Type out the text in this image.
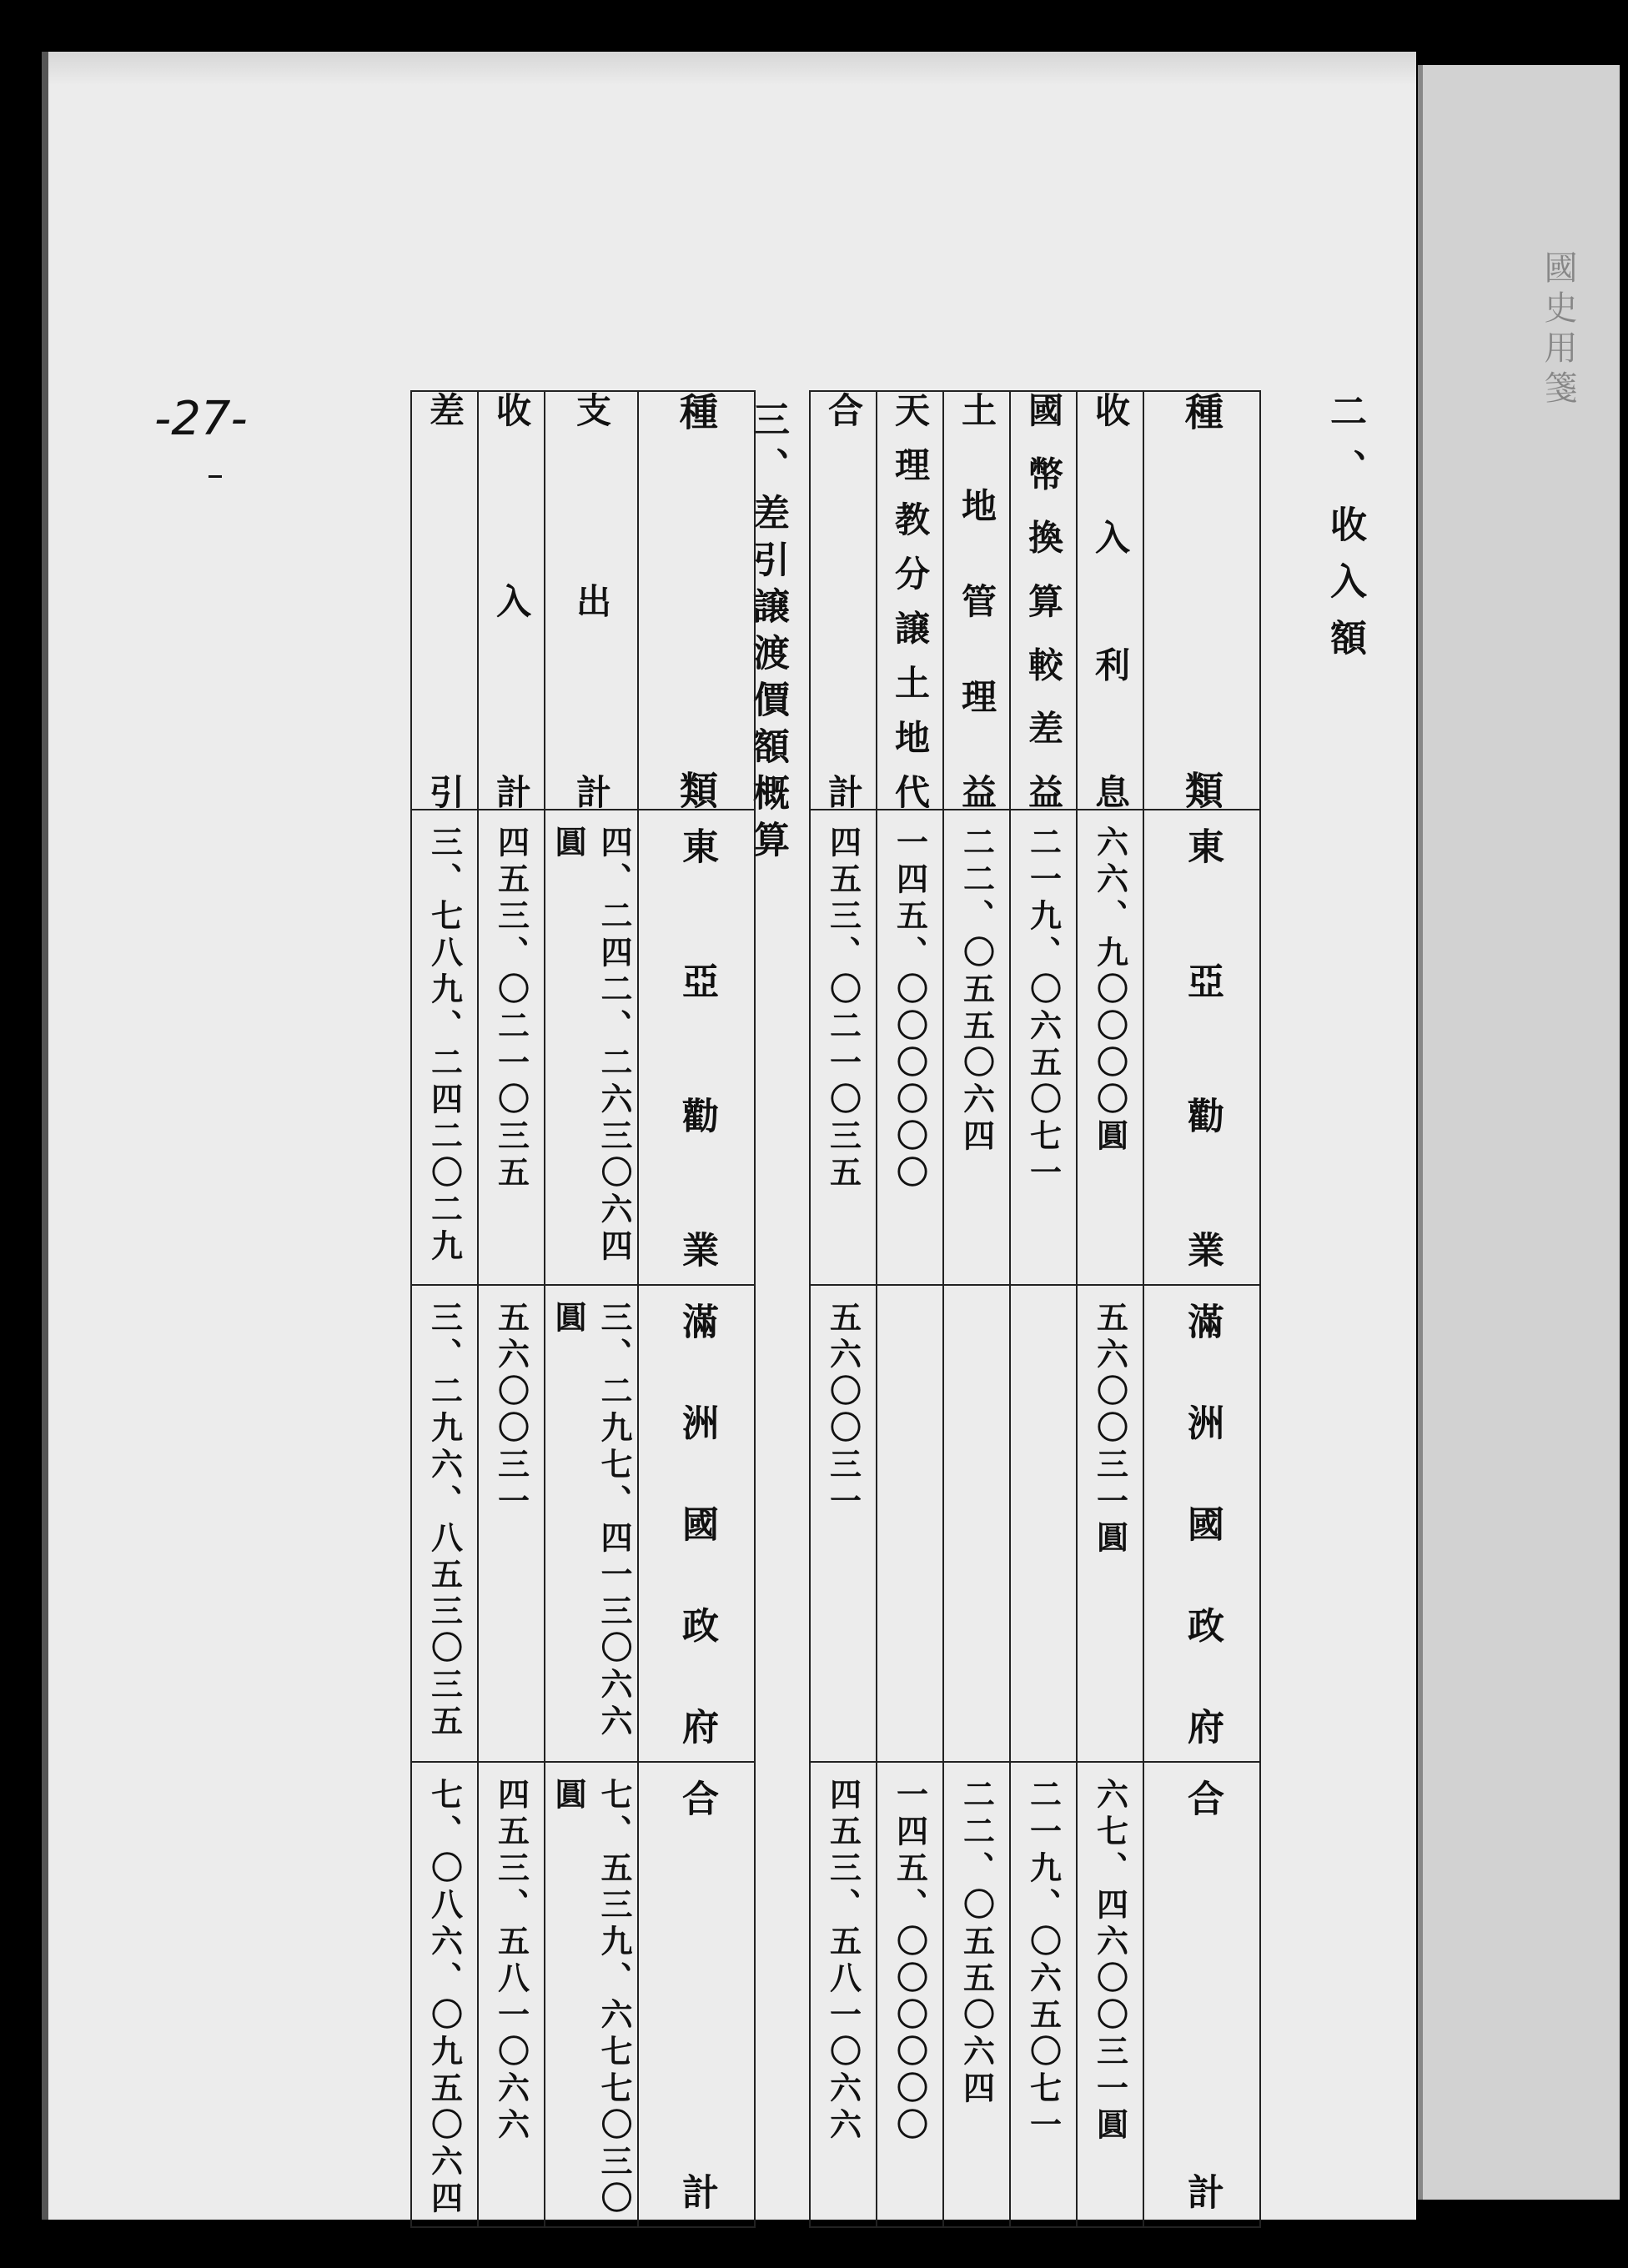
國史用箋
-27-	二、收入額
種類	東亞勸業	滿洲國政府	合計
收入利息	六六、九〇〇〇〇圓	五六〇〇三一圓	六七、四六〇〇三一圓
國幣換算較差益	二一九、〇六五〇七一		二一九、〇六五〇七一
土地管理益	二二、〇五五〇六四		二二、〇五五〇六四
天理教分譲土地代	一四五、〇〇〇〇〇〇		一四五、〇〇〇〇〇〇
合計	四五三、〇二一〇三五	五六〇〇三一	四五三、五八一〇六六
三、差引譲渡價額概算
種類	東亞勸業	滿洲國政府	合計
支出計	四、二四二、二六三〇六四圓	三、二九七、四一三〇六六圓	七、五三九、六七七〇三〇圓
收入計	四五三、〇二一〇三五	五六〇〇三一	四五三、五八一〇六六
差引	三、七八九、二四二〇二九	三、二九六、八五三〇三五	七、〇八六、〇九五〇六四
